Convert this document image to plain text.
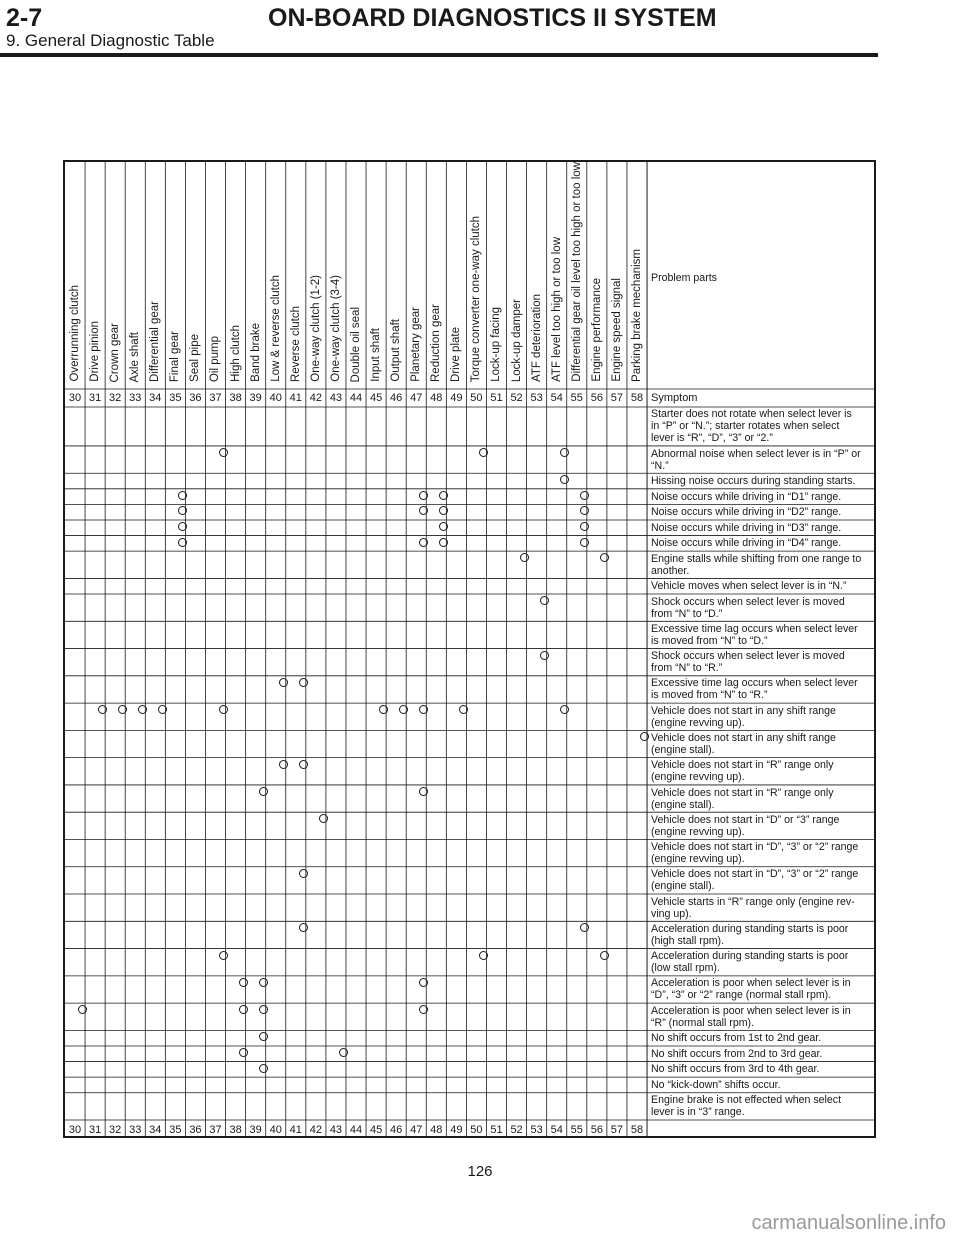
2-7	ON-BOARD DIAGNOSTICS II SYSTEM
9. General Diagnostic Table
Overrunning clutch Drive pinion Crown gear Axle shaft Differential gear Final gear Seal pipe Oil pump High clutch Band brake Low & reverse clutch Reverse clutch One-way clutch (1-2) One-way clutch (3-4) Double oil seal Input shaft Output shaft Planetary gear Reduction gear Drive plate Torque converter one-way clutch Lock-up facing Lock-up damper ATF deterioration ATF level too high or too low Differential gear oil level too high or too low Engine performance Engine speed signal Parking brake mechanism Problem parts
Symptom
30 31 32 33 34 35 36 37 38 39 40 41 42 43 44 45 46 47 48 49 50 51 52 53 54 55 56 57 58
30 31 32 33 34 35 36 37 38 39 40 41 42 43 44 45 46 47 48 49 50 51 52 53 54 55 56 57 58
Starter does not rotate when select lever is
in “P” or “N.”; starter rotates when select
lever is “R”, “D”, “3” or “2.”
Abnormal noise when select lever is in “P” or
“N.”
Hissing noise occurs during standing starts.
Noise occurs while driving in “D1” range.
Noise occurs while driving in “D2” range.
Noise occurs while driving in “D3” range.
Noise occurs while driving in “D4” range.
Engine stalls while shifting from one range to
another.
Vehicle moves when select lever is in “N.”
Shock occurs when select lever is moved
from “N” to “D.”
Excessive time lag occurs when select lever
is moved from “N” to “D.”
Shock occurs when select lever is moved
from “N” to “R.”
Excessive time lag occurs when select lever
is moved from “N” to “R.”
Vehicle does not start in any shift range
(engine revving up).
Vehicle does not start in any shift range
(engine stall).
Vehicle does not start in “R” range only
(engine revving up).
Vehicle does not start in “R” range only
(engine stall).
Vehicle does not start in “D” or “3” range
(engine revving up).
Vehicle does not start in “D”, “3” or “2” range
(engine revving up).
Vehicle does not start in “D”, “3” or “2” range
(engine stall).
Vehicle starts in “R” range only (engine rev-
ving up).
Acceleration during standing starts is poor
(high stall rpm).
Acceleration during standing starts is poor
(low stall rpm).
Acceleration is poor when select lever is in
“D”, “3” or “2” range (normal stall rpm).
Acceleration is poor when select lever is in
“R” (normal stall rpm).
No shift occurs from 1st to 2nd gear.
No shift occurs from 2nd to 3rd gear.
No shift occurs from 3rd to 4th gear.
No “kick-down” shifts occur.
Engine brake is not effected when select
lever is in “3” range.
126
carmanualsonline.info
